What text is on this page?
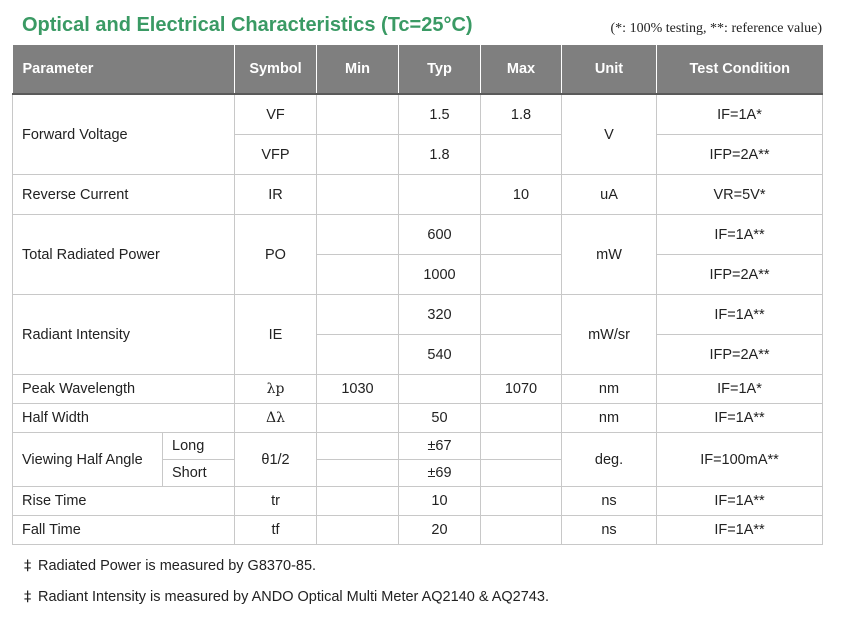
Optical and Electrical Characteristics (Tc=25°C)	(*: 100% testing, **: reference value)
Parameter		Symbol	Min	Typ	Max	Unit	Test Condition
Forward Voltage		VF		1.5	1.8	V	IF=1A*
		VFP		1.8			IFP=2A**
Reverse Current		IR			10	uA	VR=5V*
Total Radiated Power		PO		600		mW	IF=1A**
				1000			IFP=2A**
Radiant Intensity		IE		320		mW/sr	IF=1A**
				540			IFP=2A**
Peak Wavelength		λp	1030		1070	nm	IF=1A*
Half Width		Δλ		50		nm	IF=1A**
Viewing Half Angle	Long	θ1/2		±67		deg.	IF=100mA**
	Short			±69			
Rise Time		tr		10		ns	IF=1A**
Fall Time		tf		20		ns	IF=1A**
‡ Radiated Power is measured by G8370-85.
‡ Radiant Intensity is measured by ANDO Optical Multi Meter AQ2140 & AQ2743.
